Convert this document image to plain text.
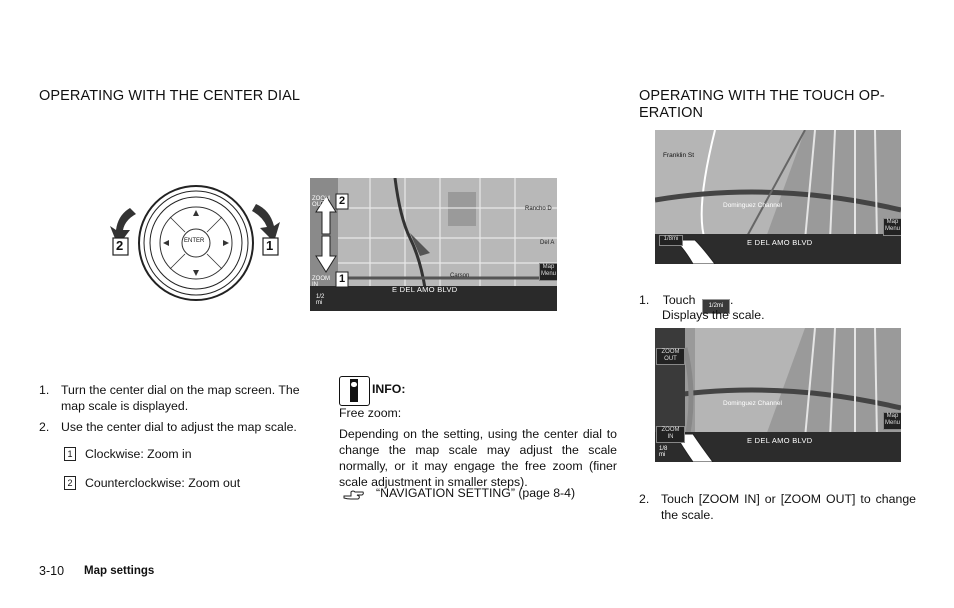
OPERATING WITH THE CENTER DIAL	OPERATING WITH THE TOUCH OP-
ERATION
ENTER
2	1
ZOOM
OUT
ZOOM
IN
2
1
1/2
mi
E DEL AMO BLVD
Rancho D
Del A
Carson
Map
Menu
Franklin St
Dominguez Channel
E DEL AMO BLVD
1/8mi
Map
Menu
ZOOM
OUT
ZOOM
IN
1/8
mi
Dominguez Channel
E DEL AMO BLVD
Map
Menu
1. Turn the center dial on the map screen. The map scale is displayed.
2. Use the center dial to adjust the map scale.
1 Clockwise: Zoom in
2 Counterclockwise: Zoom out
INFO:
Free zoom:
Depending on the setting, using the center dial to change the map scale may adjust the scale normally, or it may engage the free zoom (finer scale adjustment in smaller steps).
“NAVIGATION SETTING” (page 8-4)
1. Touch 1/2mi .
Displays the scale.
2. Touch [ZOOM IN] or [ZOOM OUT] to change the scale.
3-10 Map settings
